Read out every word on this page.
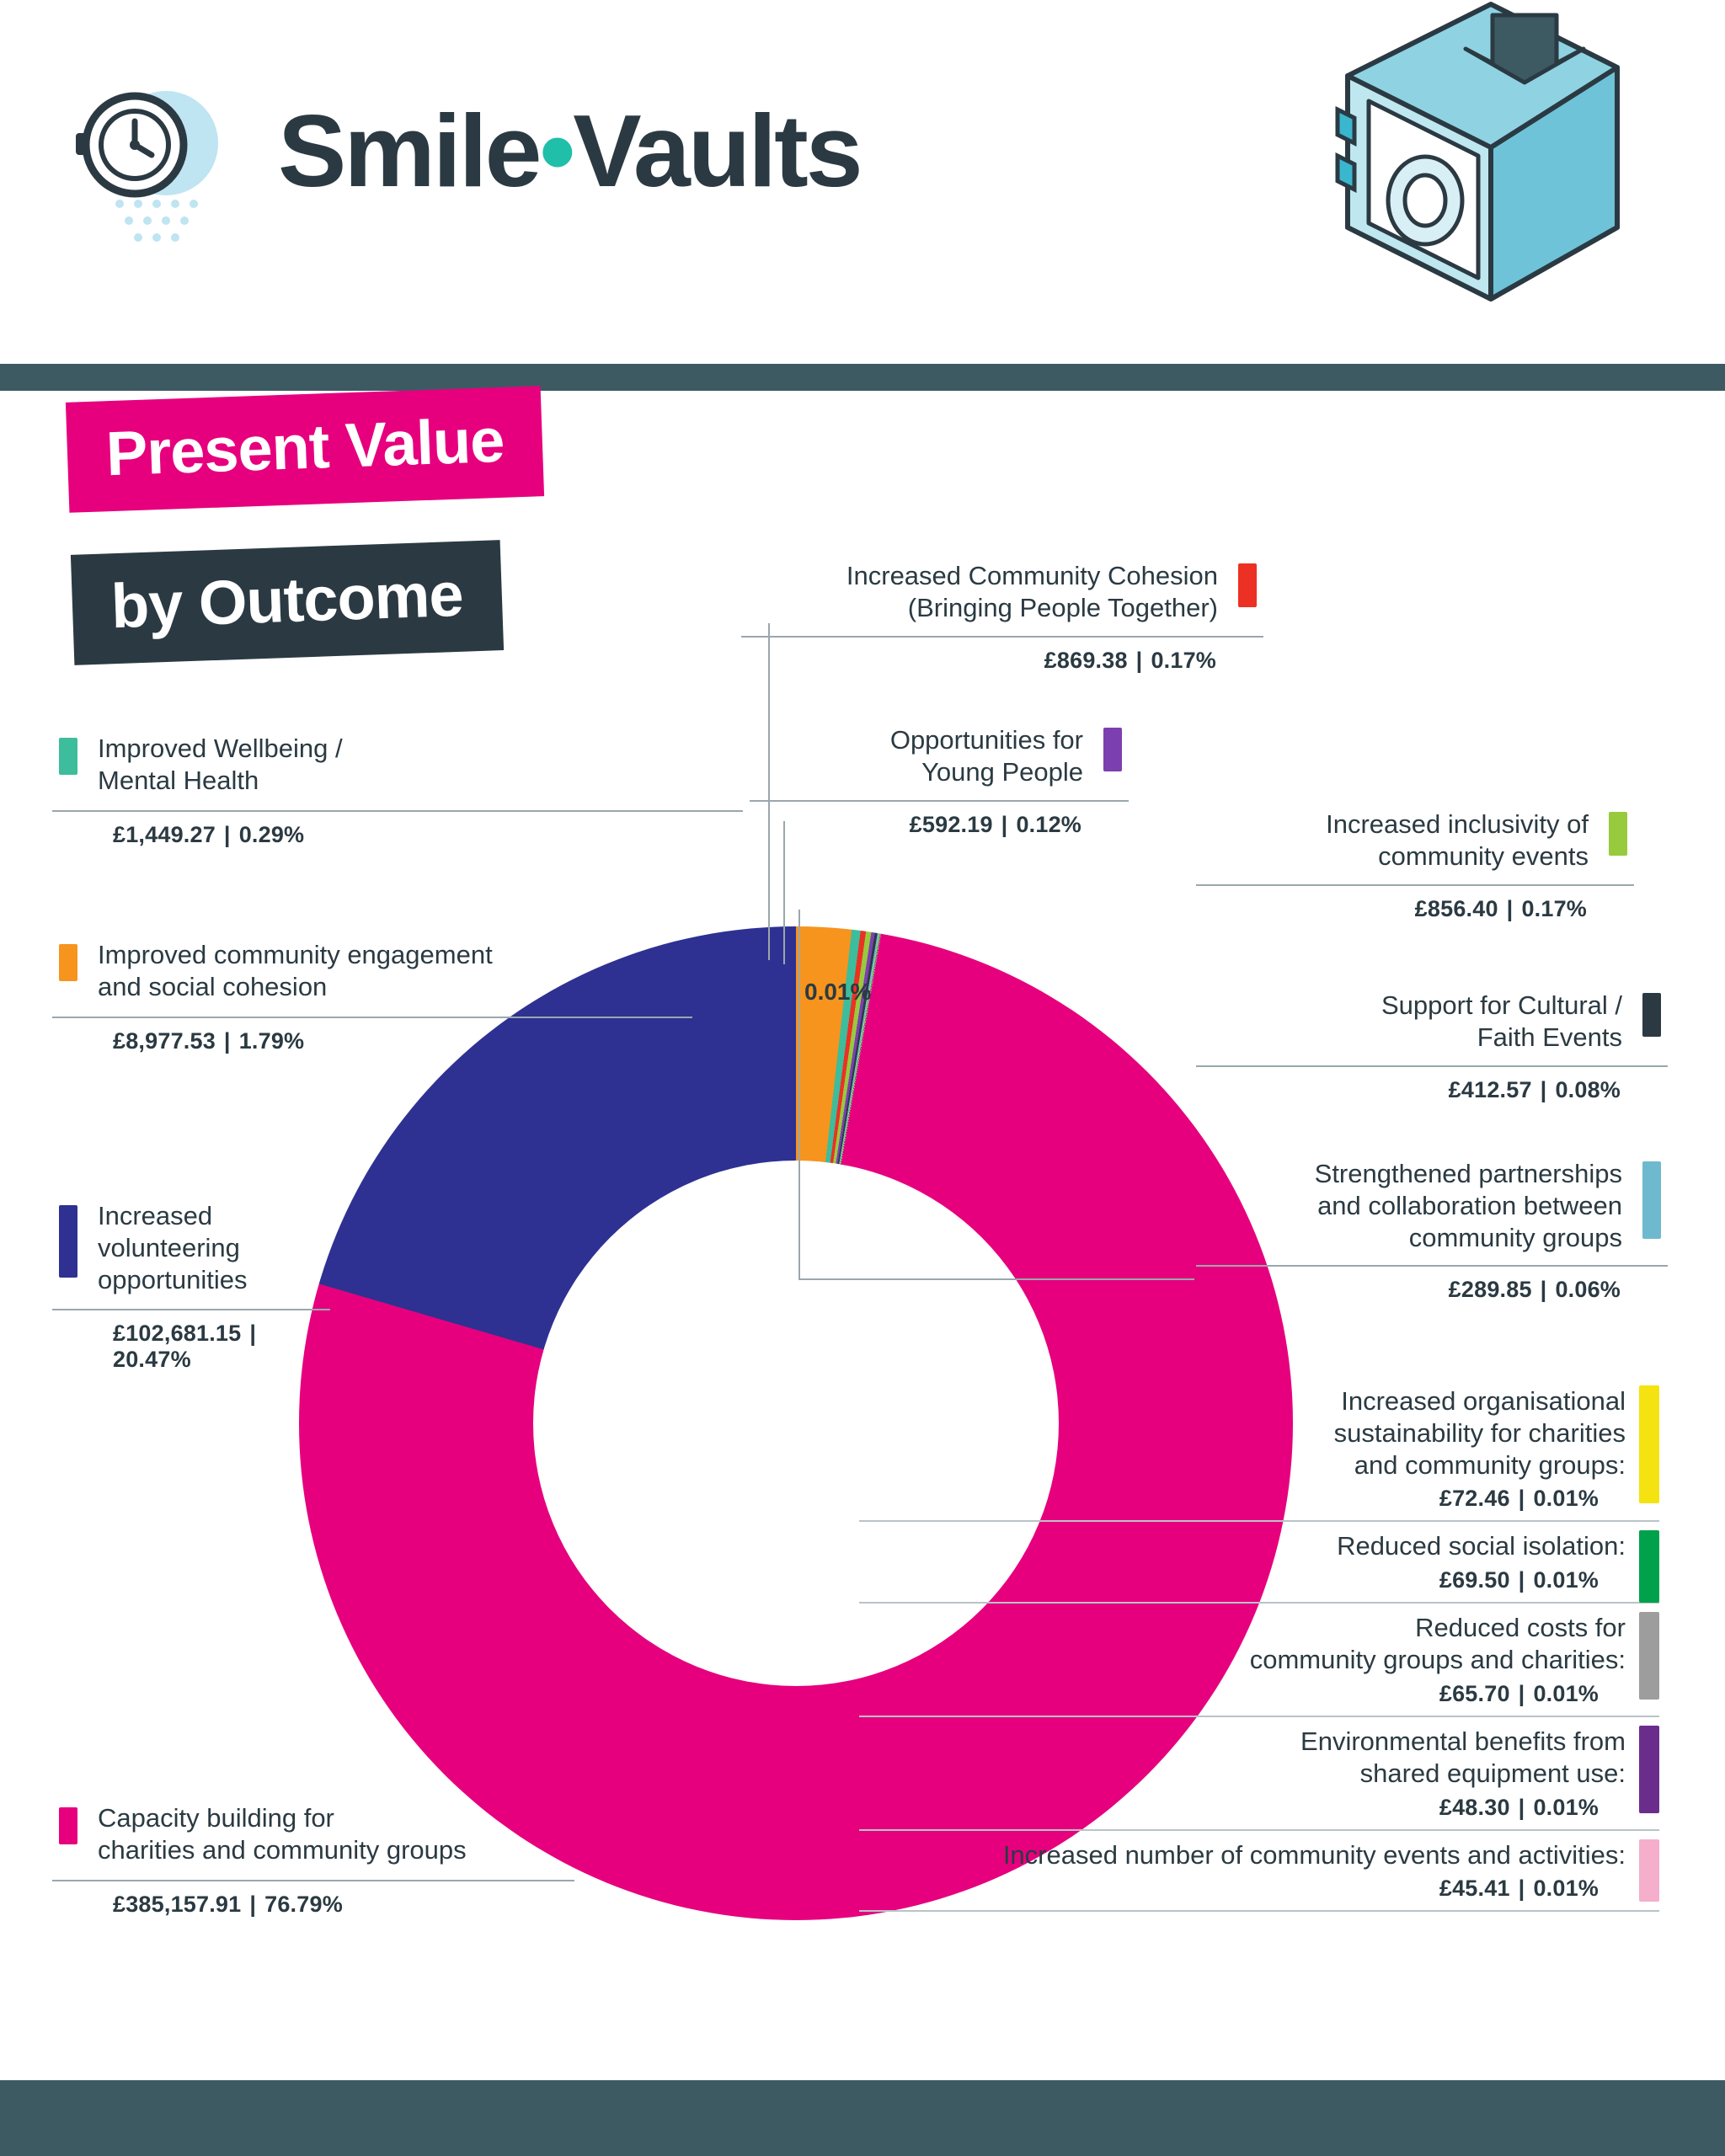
Smile•Vaults
Present Value
by Outcome
0.01%
Improved Wellbeing /
Mental Health
£1,449.27 | 0.29%
Improved community engagement
and social cohesion
£8,977.53 | 1.79%
Increased
volunteering
opportunities
£102,681.15 |
20.47%
Capacity building for
charities and community groups
£385,157.91 | 76.79%
Increased Community Cohesion
(Bringing People Together)
£869.38 | 0.17%
Opportunities for
Young People
£592.19 | 0.12%	Increased inclusivity of
community events
£856.40 | 0.17%
Support for Cultural /
Faith Events
£412.57 | 0.08%
Strengthened partnerships
and collaboration between
community groups
£289.85 | 0.06%
Increased organisational
sustainability for charities
and community groups:
£72.46 | 0.01%
Reduced social isolation:
£69.50 | 0.01%
Reduced costs for
community groups and charities:
£65.70 | 0.01%
Environmental benefits from
shared equipment use:
£48.30 | 0.01%
Increased number of community events and activities:
£45.41 | 0.01%
